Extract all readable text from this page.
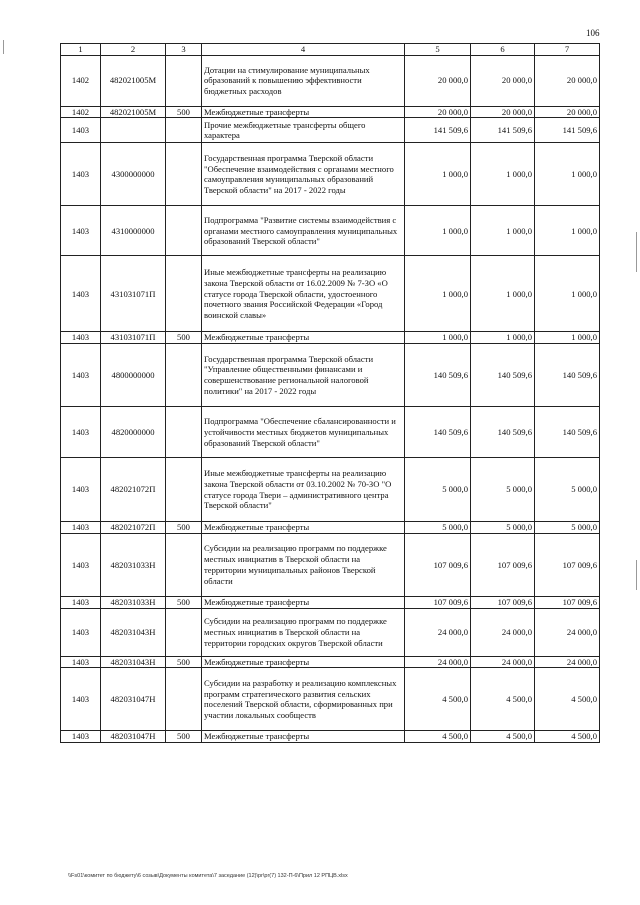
106
1	2	3	4	5	6	7
1402	482021005М		Дотации на стимулирование муниципальных образований к повышению эффективности бюджетных расходов	20 000,0	20 000,0	20 000,0
1402	482021005М	500	Межбюджетные трансферты	20 000,0	20 000,0	20 000,0
1403			Прочие межбюджетные трансферты общего характера	141 509,6	141 509,6	141 509,6
1403	4300000000		Государственная программа Тверской области "Обеспечение взаимодействия с органами местного самоуправления муниципальных образований Тверской области" на 2017 - 2022 годы	1 000,0	1 000,0	1 000,0
1403	4310000000		Подпрограмма "Развитие системы взаимодействия с органами местного самоуправления муниципальных образований Тверской области"	1 000,0	1 000,0	1 000,0
1403	431031071П		Иные межбюджетные трансферты на реализацию закона Тверской области от 16.02.2009 № 7-ЗО «О статусе города Тверской области, удостоенного почетного звания Российской Федерации «Город воинской славы»	1 000,0	1 000,0	1 000,0
1403	431031071П	500	Межбюджетные трансферты	1 000,0	1 000,0	1 000,0
1403	4800000000		Государственная программа Тверской области "Управление общественными финансами и совершенствование региональной налоговой политики" на 2017 - 2022 годы	140 509,6	140 509,6	140 509,6
1403	4820000000		Подпрограмма "Обеспечение сбалансированности и устойчивости местных бюджетов муниципальных образований Тверской области"	140 509,6	140 509,6	140 509,6
1403	482021072П		Иные межбюджетные трансферты на реализацию закона Тверской области от 03.10.2002 № 70-ЗО "О статусе города Твери – административного центра Тверской области"	5 000,0	5 000,0	5 000,0
1403	482021072П	500	Межбюджетные трансферты	5 000,0	5 000,0	5 000,0
1403	482031033Н		Субсидии на реализацию программ по поддержке местных инициатив в Тверской области на территории муниципальных районов Тверской области	107 009,6	107 009,6	107 009,6
1403	482031033Н	500	Межбюджетные трансферты	107 009,6	107 009,6	107 009,6
1403	482031043Н		Субсидии на реализацию программ по поддержке местных инициатив в Тверской области на территории городских округов Тверской области	24 000,0	24 000,0	24 000,0
1403	482031043Н	500	Межбюджетные трансферты	24 000,0	24 000,0	24 000,0
1403	482031047Н		Субсидии на разработку и реализацию комплексных программ стратегического развития сельских поселений Тверской области, сформированных при участии локальных сообществ	4 500,0	4 500,0	4 500,0
1403	482031047Н	500	Межбюджетные трансферты	4 500,0	4 500,0	4 500,0
\\Fs01\комитет по бюджету\6 созыв\Документы комитета\7 заседание (12)\pr\pr(7) 132-П-6\Прил 12 РПЦВ.xlsx
